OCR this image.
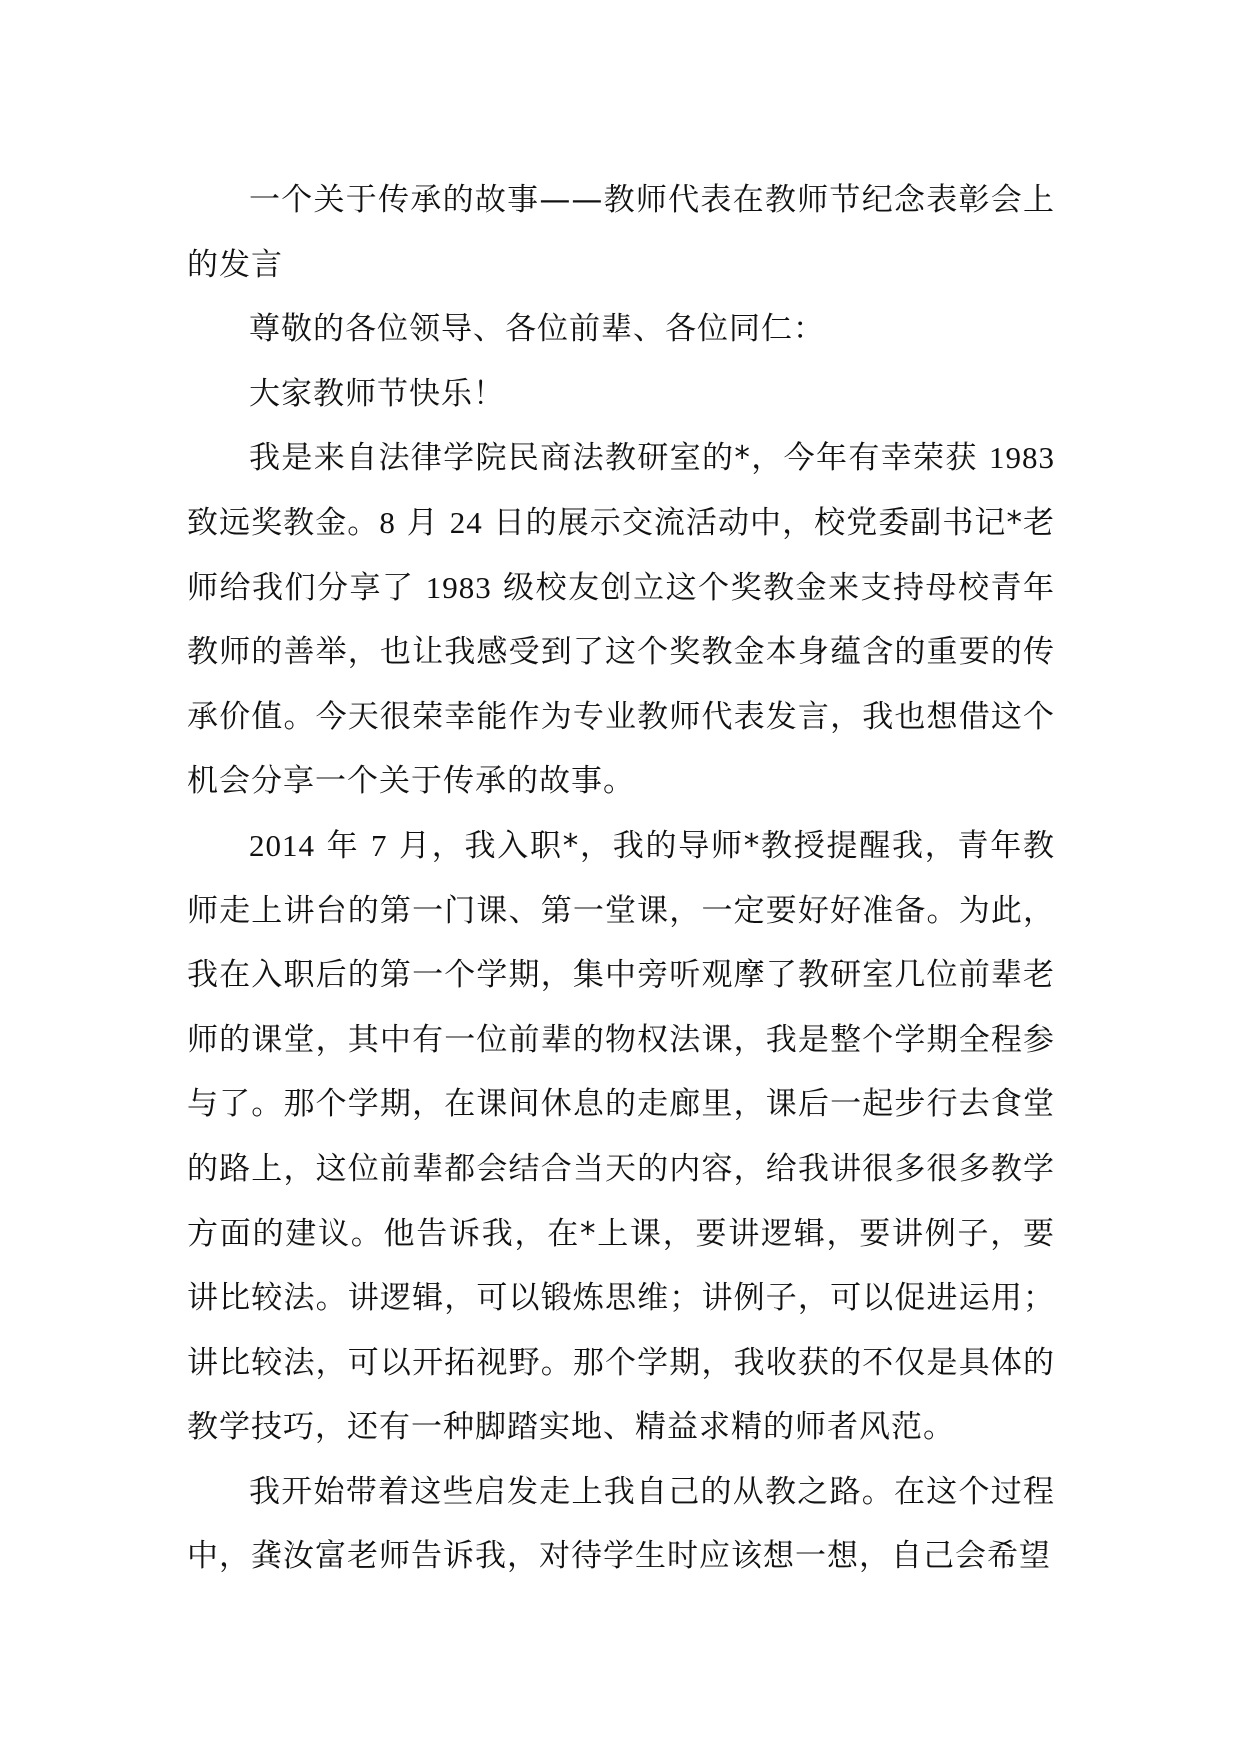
一个关于传承的故事——教师代表在教师节纪念表彰会上的发言

尊敬的各位领导、各位前辈、各位同仁：

大家教师节快乐！

我是来自法律学院民商法教研室的*，今年有幸荣获 1983 致远奖教金。8 月 24 日的展示交流活动中，校党委副书记*老师给我们分享了 1983 级校友创立这个奖教金来支持母校青年教师的善举，也让我感受到了这个奖教金本身蕴含的重要的传承价值。今天很荣幸能作为专业教师代表发言，我也想借这个机会分享一个关于传承的故事。

2014 年 7 月，我入职*，我的导师*教授提醒我，青年教师走上讲台的第一门课、第一堂课，一定要好好准备。为此，我在入职后的第一个学期，集中旁听观摩了教研室几位前辈老师的课堂，其中有一位前辈的物权法课，我是整个学期全程参与了。那个学期，在课间休息的走廊里，课后一起步行去食堂的路上，这位前辈都会结合当天的内容，给我讲很多很多教学方面的建议。他告诉我，在*上课，要讲逻辑，要讲例子，要讲比较法。讲逻辑，可以锻炼思维；讲例子，可以促进运用；讲比较法，可以开拓视野。那个学期，我收获的不仅是具体的教学技巧，还有一种脚踏实地、精益求精的师者风范。

我开始带着这些启发走上我自己的从教之路。在这个过程中，龚汝富老师告诉我，对待学生时应该想一想，自己会希望
